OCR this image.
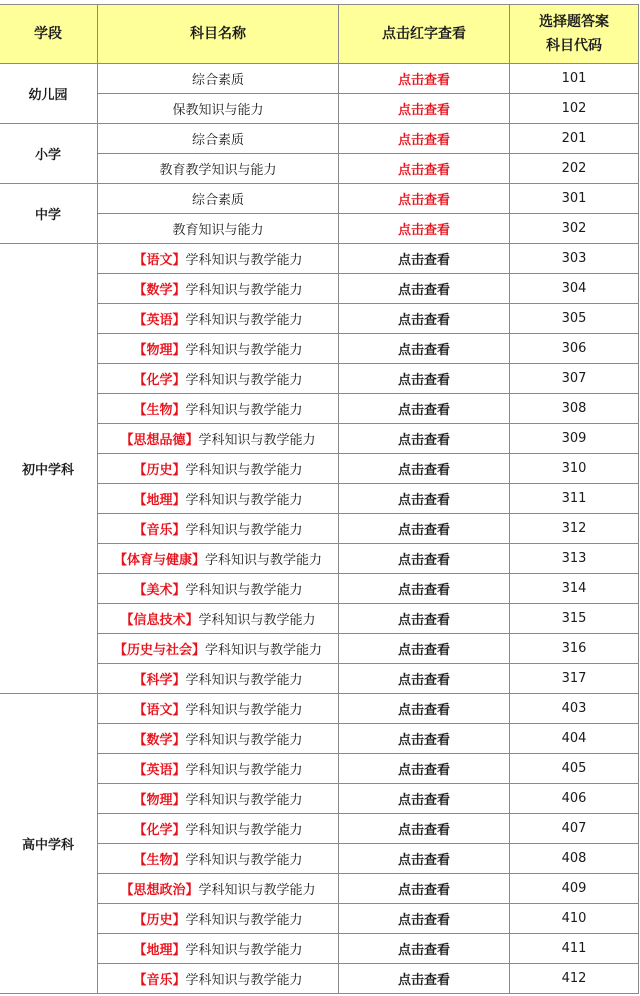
学段	科目名称	点击红字查看	选择题答案
科目代码

幼儿园	综合素质	点击查看	101
	保教知识与能力	点击查看	102
小学	综合素质	点击查看	201
	教育教学知识与能力	点击查看	202
中学	综合素质	点击查看	301
	教育知识与能力	点击查看	302
初中学科	【语文】学科知识与教学能力	点击查看	303
	【数学】学科知识与教学能力	点击查看	304
	【英语】学科知识与教学能力	点击查看	305
	【物理】学科知识与教学能力	点击查看	306
	【化学】学科知识与教学能力	点击查看	307
	【生物】学科知识与教学能力	点击查看	308
	【思想品德】学科知识与教学能力	点击查看	309
	【历史】学科知识与教学能力	点击查看	310
	【地理】学科知识与教学能力	点击查看	311
	【音乐】学科知识与教学能力	点击查看	312
	【体育与健康】学科知识与教学能力	点击查看	313
	【美术】学科知识与教学能力	点击查看	314
	【信息技术】学科知识与教学能力	点击查看	315
	【历史与社会】学科知识与教学能力	点击查看	316
	【科学】学科知识与教学能力	点击查看	317
高中学科	【语文】学科知识与教学能力	点击查看	403
	【数学】学科知识与教学能力	点击查看	404
	【英语】学科知识与教学能力	点击查看	405
	【物理】学科知识与教学能力	点击查看	406
	【化学】学科知识与教学能力	点击查看	407
	【生物】学科知识与教学能力	点击查看	408
	【思想政治】学科知识与教学能力	点击查看	409
	【历史】学科知识与教学能力	点击查看	410
	【地理】学科知识与教学能力	点击查看	411
	【音乐】学科知识与教学能力	点击查看	412
